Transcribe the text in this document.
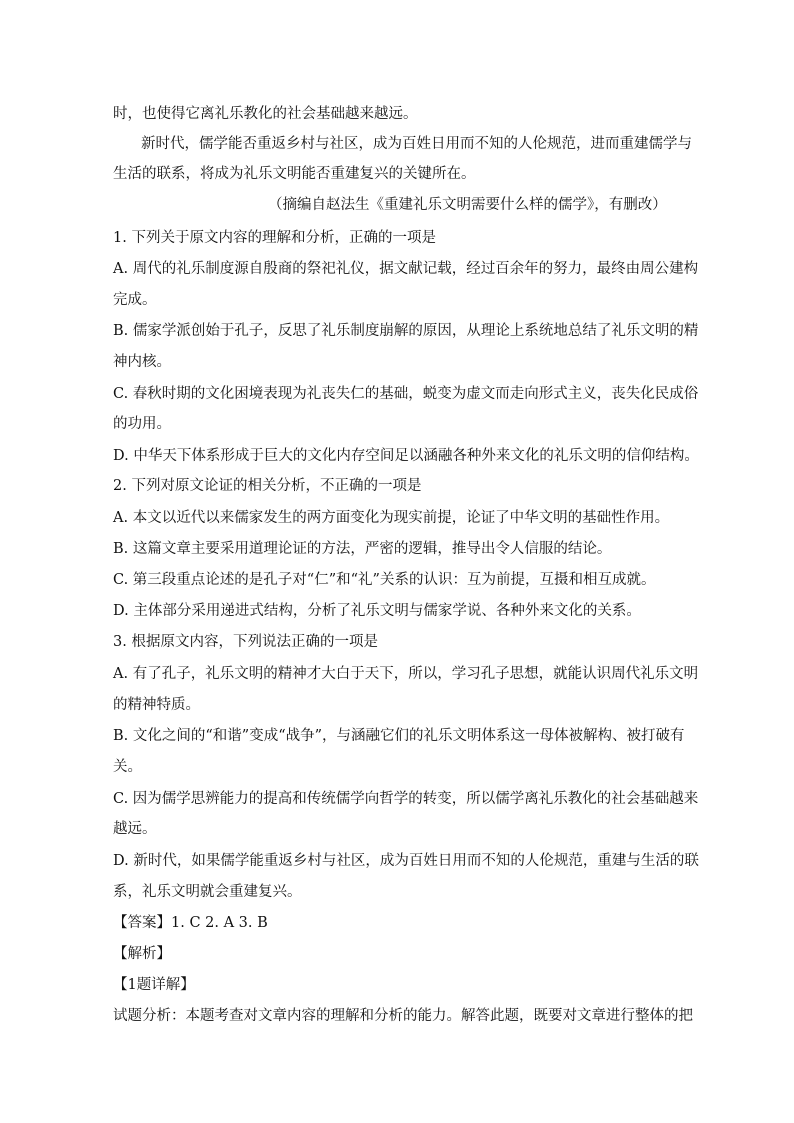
时，也使得它离礼乐教化的社会基础越来越远。
新时代，儒学能否重返乡村与社区，成为百姓日用而不知的人伦规范，进而重建儒学与
生活的联系，将成为礼乐文明能否重建复兴的关键所在。
（摘编自赵法生《重建礼乐文明需要什么样的儒学》，有删改）
1. 下列关于原文内容的理解和分析，正确的一项是
A. 周代的礼乐制度源自殷商的祭祀礼仪，据文献记载，经过百余年的努力，最终由周公建构
完成。
B. 儒家学派创始于孔子，反思了礼乐制度崩解的原因，从理论上系统地总结了礼乐文明的精
神内核。
C. 春秋时期的文化困境表现为礼丧失仁的基础，蜕变为虚文而走向形式主义，丧失化民成俗
的功用。
D. 中华天下体系形成于巨大的文化内存空间足以涵融各种外来文化的礼乐文明的信仰结构。
2. 下列对原文论证的相关分析，不正确的一项是
A. 本文以近代以来儒家发生的两方面变化为现实前提，论证了中华文明的基础性作用。
B. 这篇文章主要采用道理论证的方法，严密的逻辑，推导出令人信服的结论。
C. 第三段重点论述的是孔子对“仁”和“礼”关系的认识：互为前提，互摄和相互成就。
D. 主体部分采用递进式结构，分析了礼乐文明与儒家学说、各种外来文化的关系。
3. 根据原文内容，下列说法正确的一项是
A. 有了孔子，礼乐文明的精神才大白于天下，所以，学习孔子思想，就能认识周代礼乐文明
的精神特质。
B. 文化之间的“和谐”变成“战争”，与涵融它们的礼乐文明体系这一母体被解构、被打破有
关。
C. 因为儒学思辨能力的提高和传统儒学向哲学的转变，所以儒学离礼乐教化的社会基础越来
越远。
D. 新时代，如果儒学能重返乡村与社区，成为百姓日用而不知的人伦规范，重建与生活的联
系，礼乐文明就会重建复兴。
【答案】1. C 2. A 3. B
【解析】
【1题详解】
试题分析：本题考查对文章内容的理解和分析的能力。解答此题，既要对文章进行整体的把
